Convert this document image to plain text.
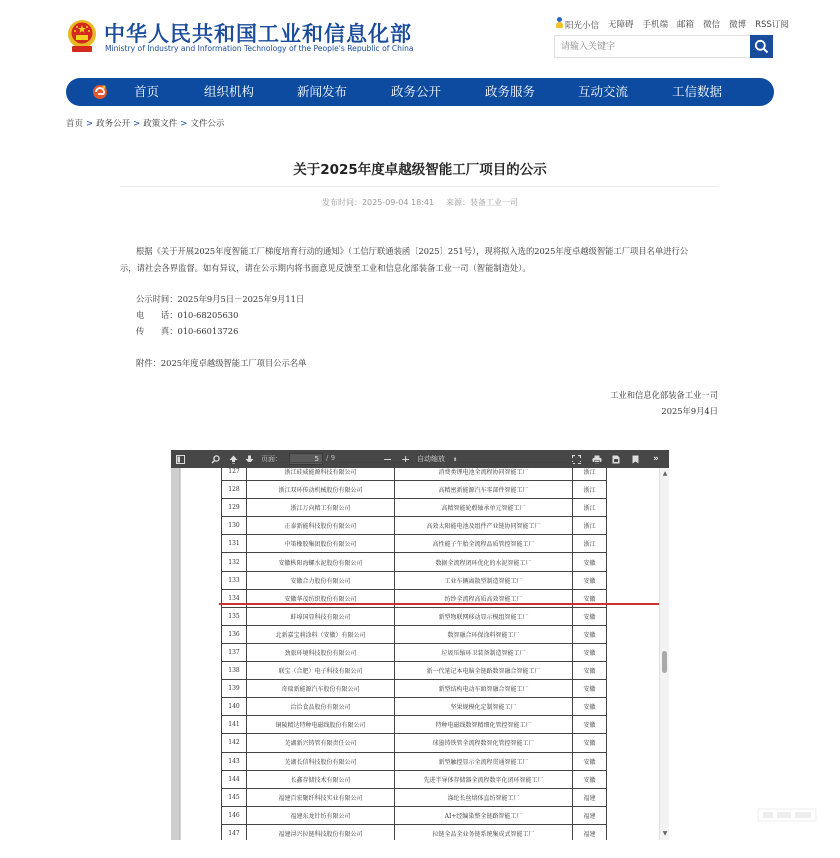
中华人民共和国工业和信息化部
Ministry of Industry and Information Technology of the People's Republic of China
阳光小信 无障碍 手机端 邮箱 微信 微博 RSS订阅
请输入关键字
首页	组织机构	新闻发布	政务公开	政务服务	互动交流	工信数据
首页 > 政务公开 > 政策文件 > 文件公示
关于2025年度卓越级智能工厂项目的公示
发布时间：2025-09-04 18:41 来源：装备工业一司
根据《关于开展2025年度智能工厂梯度培育行动的通知》（工信厅联通装函〔2025〕251号），现将拟入选的2025年度卓越级智能工厂项目名单进行公
示，请社会各界监督。如有异议，请在公示期内将书面意见反馈至工业和信息化部装备工业一司（智能制造处）。
公示时间：2025年9月5日－2025年9月11日
电　　话：010-68205630
传　　真：010-66013726
附件：2025年度卓越级智能工厂项目公示名单
工业和信息化部装备工业一司
2025年9月4日
页面：	5	/ 9	− + 自动缩放 ⬍	»
127	浙江硅威能源科技有限公司	消费类锂电池全流程协同智能工厂	浙江
128	浙江双环传动机械股份有限公司	高精密新能源汽车零部件智能工厂	浙江
129	浙江万向精工有限公司	高精智能轮毂轴承单元智能工厂	浙江
130	正泰新能科技股份有限公司	高效太阳能电池及组件产业链协同智能工厂	浙江
131	中策橡胶集团股份有限公司	高性能子午胎全流程品质管控智能工厂	浙江
132	安徽枞阳海螺水泥股份有限公司	数据全流程闭环优化的水泥智能工厂	安徽
133	安徽合力股份有限公司	工业车辆离散型制造智能工厂	安徽
134	安徽华茂纺织股份有限公司	纺纱全流程高质高效智能工厂	安徽
135	蚌埠国显科技有限公司	新型物联网移动显示模组智能工厂	安徽
136	北新嘉宝莉涂料（安徽）有限公司	数智融合环保涂料智能工厂	安徽
137	劲旅环境科技股份有限公司	垃圾压缩环卫装备制造智能工厂	安徽
138	联宝（合肥）电子科技有限公司	新一代笔记本电脑全链路数智融合智能工厂	安徽
139	奇瑞新能源汽车股份有限公司	新型结构电动车頭智融合智能工厂	安徽
140	洽洽食品股份有限公司	坚果规模化定制智能工厂	安徽
141	铜陵精达特种电磁线股份有限公司	特种电磁线数智精细化管控智能工厂	安徽
142	芜湖新兴铸管有限责任公司	球墨铸铁管全流程数智化管控智能工厂	安徽
143	芜湖长信科技股份有限公司	新型触控显示全流程贯通智能工厂	安徽
144	长鑫存储技术有限公司	先进半导体存储器全流程数字化闭环智能工厂	安徽
145	福建百宏聚纤科技实业有限公司	涤纶长丝熔体直纺智能工厂	福建
146	福建东龙针纺有限公司	AI+经编染整全链路智能工厂	福建
147	福建浔兴拉链科技股份有限公司	拉链全品全业务链系统集成式智能工厂	福建
▲
▼
